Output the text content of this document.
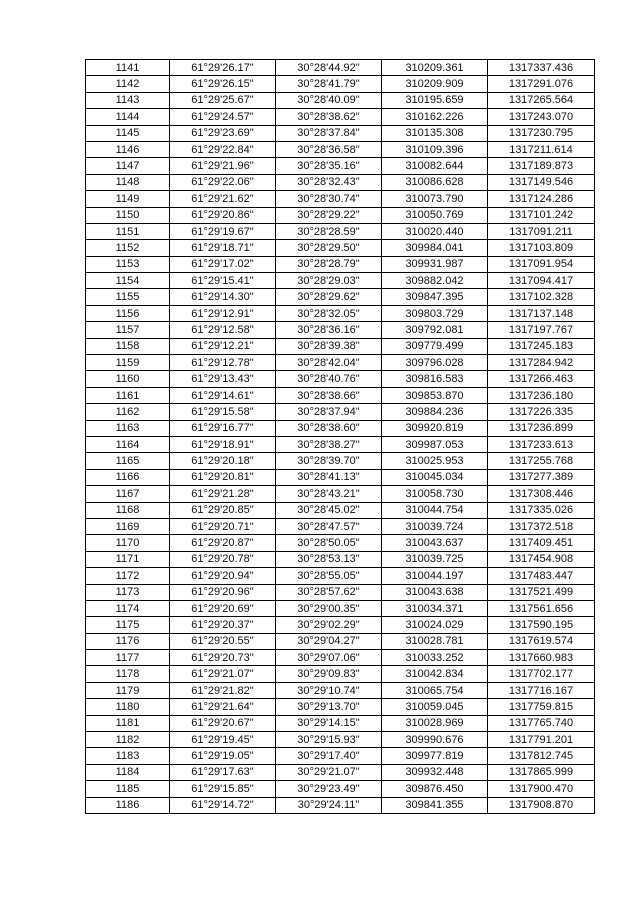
1141	61°29'26.17"	30°28'44.92"	310209.361	1317337.436
1142	61°29'26.15"	30°28'41.79"	310209.909	1317291.076
1143	61°29'25.67"	30°28'40.09"	310195.659	1317265.564
1144	61°29'24.57"	30°28'38.62"	310162.226	1317243.070
1145	61°29'23.69"	30°28'37.84"	310135.308	1317230.795
1146	61°29'22.84"	30°28'36.58"	310109.396	1317211.614
1147	61°29'21.96"	30°28'35.16"	310082.644	1317189.873
1148	61°29'22.06"	30°28'32.43"	310086.628	1317149.546
1149	61°29'21.62"	30°28'30.74"	310073.790	1317124.286
1150	61°29'20.86"	30°28'29.22"	310050.769	1317101.242
1151	61°29'19.67"	30°28'28.59"	310020.440	1317091.211
1152	61°29'18.71"	30°28'29.50"	309984.041	1317103.809
1153	61°29'17.02"	30°28'28.79"	309931.987	1317091.954
1154	61°29'15.41"	30°28'29.03"	309882.042	1317094.417
1155	61°29'14.30"	30°28'29.62"	309847.395	1317102.328
1156	61°29'12.91"	30°28'32.05"	309803.729	1317137.148
1157	61°29'12.58"	30°28'36.16"	309792.081	1317197.767
1158	61°29'12.21"	30°28'39.38"	309779.499	1317245.183
1159	61°29'12.78"	30°28'42.04"	309796.028	1317284.942
1160	61°29'13.43"	30°28'40.76"	309816.583	1317266.463
1161	61°29'14.61"	30°28'38.66"	309853.870	1317236.180
1162	61°29'15.58"	30°28'37.94"	309884.236	1317226.335
1163	61°29'16.77"	30°28'38.60"	309920.819	1317236.899
1164	61°29'18.91"	30°28'38.27"	309987.053	1317233.613
1165	61°29'20.18"	30°28'39.70"	310025.953	1317255.768
1166	61°29'20.81"	30°28'41.13"	310045.034	1317277.389
1167	61°29'21.28"	30°28'43.21"	310058.730	1317308.446
1168	61°29'20.85"	30°28'45.02"	310044.754	1317335.026
1169	61°29'20.71"	30°28'47.57"	310039.724	1317372.518
1170	61°29'20.87"	30°28'50.05"	310043.637	1317409.451
1171	61°29'20.78"	30°28'53.13"	310039.725	1317454.908
1172	61°29'20.94"	30°28'55.05"	310044.197	1317483.447
1173	61°29'20.96"	30°28'57.62"	310043.638	1317521.499
1174	61°29'20.69"	30°29'00.35"	310034.371	1317561.656
1175	61°29'20.37"	30°29'02.29"	310024.029	1317590.195
1176	61°29'20.55"	30°29'04.27"	310028.781	1317619.574
1177	61°29'20.73"	30°29'07.06"	310033.252	1317660.983
1178	61°29'21.07"	30°29'09.83"	310042.834	1317702.177
1179	61°29'21.82"	30°29'10.74"	310065.754	1317716.167
1180	61°29'21.64"	30°29'13.70"	310059.045	1317759.815
1181	61°29'20.67"	30°29'14.15"	310028.969	1317765.740
1182	61°29'19.45"	30°29'15.93"	309990.676	1317791.201
1183	61°29'19.05"	30°29'17.40"	309977.819	1317812.745
1184	61°29'17.63"	30°29'21.07"	309932.448	1317865.999
1185	61°29'15.85"	30°29'23.49"	309876.450	1317900.470
1186	61°29'14.72"	30°29'24.11"	309841.355	1317908.870
